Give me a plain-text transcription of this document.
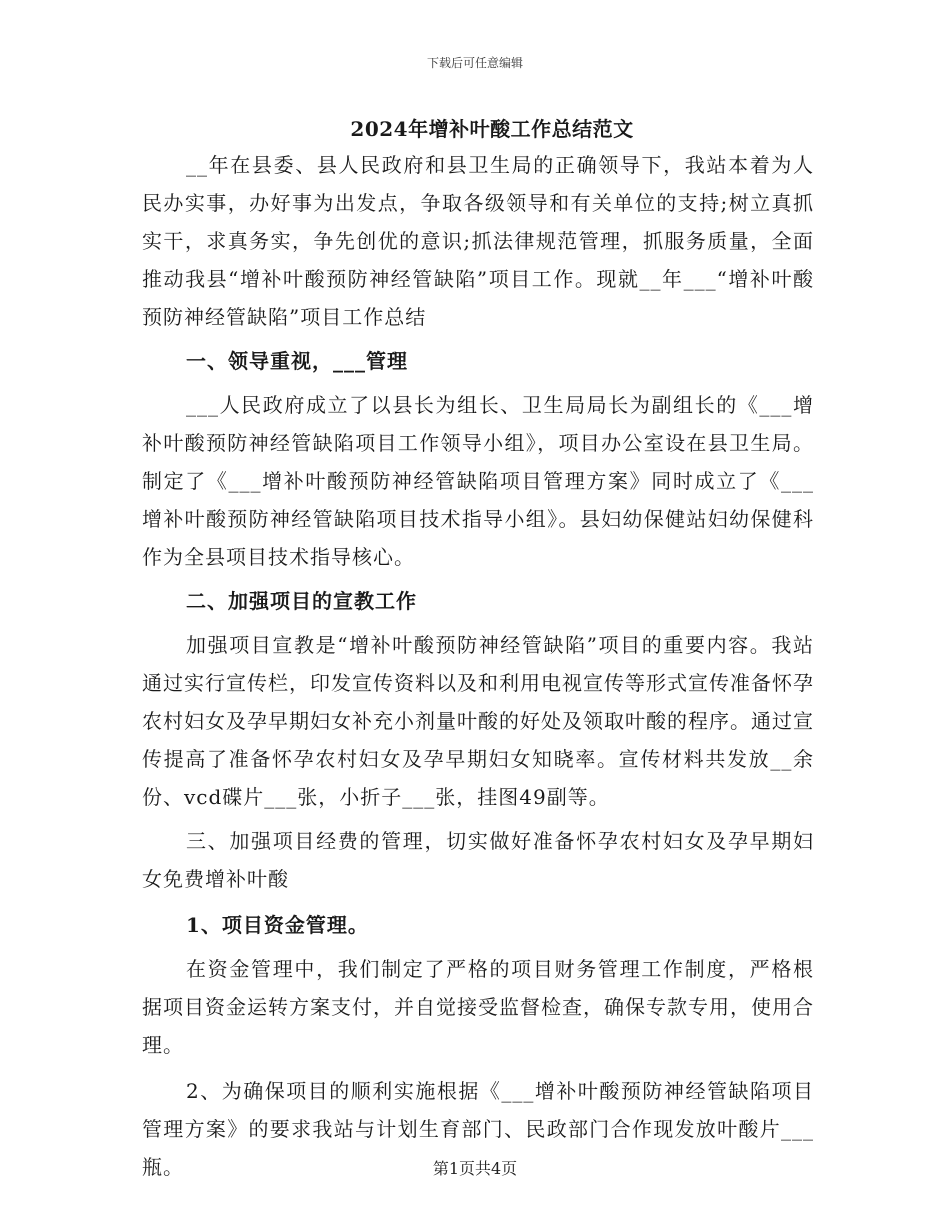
下载后可任意编辑
2024年增补叶酸工作总结范文

__年在县委、县人民政府和县卫生局的正确领导下，我站本着为人民办实事，办好事为出发点，争取各级领导和有关单位的支持;树立真抓实干，求真务实，争先创优的意识;抓法律规范管理，抓服务质量，全面推动我县“增补叶酸预防神经管缺陷”项目工作。现就__年___“增补叶酸预防神经管缺陷”项目工作总结

一、领导重视，___管理

___人民政府成立了以县长为组长、卫生局局长为副组长的《___增补叶酸预防神经管缺陷项目工作领导小组》，项目办公室设在县卫生局。制定了《___增补叶酸预防神经管缺陷项目管理方案》同时成立了《___增补叶酸预防神经管缺陷项目技术指导小组》。县妇幼保健站妇幼保健科作为全县项目技术指导核心。

二、加强项目的宣教工作

加强项目宣教是“增补叶酸预防神经管缺陷”项目的重要内容。我站通过实行宣传栏，印发宣传资料以及和利用电视宣传等形式宣传准备怀孕农村妇女及孕早期妇女补充小剂量叶酸的好处及领取叶酸的程序。通过宣传提高了准备怀孕农村妇女及孕早期妇女知晓率。宣传材料共发放__余份、vcd碟片___张，小折子___张，挂图49副等。

三、加强项目经费的管理，切实做好准备怀孕农村妇女及孕早期妇女免费增补叶酸

1、项目资金管理。

在资金管理中，我们制定了严格的项目财务管理工作制度，严格根据项目资金运转方案支付，并自觉接受监督检查，确保专款专用，使用合理。

2、为确保项目的顺利实施根据《___增补叶酸预防神经管缺陷项目管理方案》的要求我站与计划生育部门、民政部门合作现发放叶酸片___瓶。	第1页共4页
